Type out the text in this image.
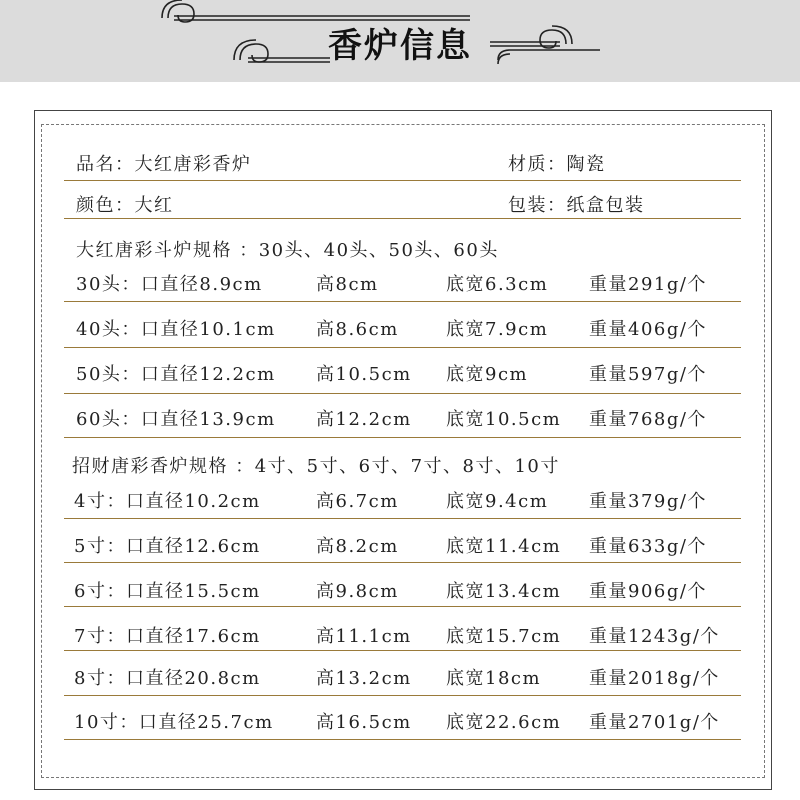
香炉信息
品名：大红唐彩香炉	材质：陶瓷
颜色：大红	包装：纸盒包装
大红唐彩斗炉规格 ：30头、40头、50头、60头
30头：口直径8.9cm	高8cm	底宽6.3cm 重量291g/个
40头：口直径10.1cm 高8.6cm	底宽7.9cm 重量406g/个
50头：口直径12.2cm 高10.5cm 底宽9cm	重量597g/个
60头：口直径13.9cm 高12.2cm 底宽10.5cm 重量768g/个
招财唐彩香炉规格 ：4寸、5寸、6寸、7寸、8寸、10寸
4寸：口直径10.2cm	高6.7cm	底宽9.4cm 重量379g/个
5寸：口直径12.6cm	高8.2cm	底宽11.4cm 重量633g/个
6寸：口直径15.5cm	高9.8cm	底宽13.4cm 重量906g/个
7寸：口直径17.6cm	高11.1cm 底宽15.7cm 重量1243g/个
8寸：口直径20.8cm	高13.2cm 底宽18cm	重量2018g/个
10寸：口直径25.7cm 高16.5cm 底宽22.6cm 重量2701g/个
